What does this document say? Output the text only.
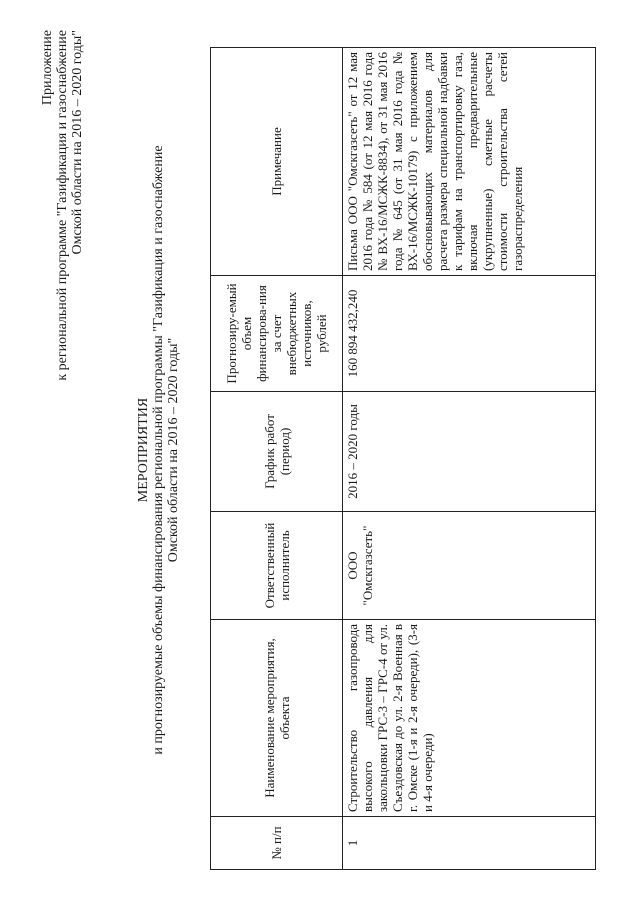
Приложение к региональной программе "Газификация и газоснабжение Омской области на 2016 – 2020 годы"
МЕРОПРИЯТИЯ и прогнозируемые объемы финансирования региональной программы "Газификация и газоснабжение Омской области на 2016 – 2020 годы"
№ п/п	Наименование мероприятия, объекта	Ответственный исполнитель	График работ (период)	Прогнозиру-емый объем финансирова-ния за счет внебюджетных источников, рублей	Примечание
1	Строительство газопровода высокого давления для закольцовки ГРС-3 – ГРС-4 от ул. Съездовская до ул. 2-я Военная в г. Омске (1-я и 2-я очереди), (3-я и 4-я очереди)	ООО "Омскгазсеть"	2016 – 2020 годы	160 894 432,240	Письма ООО "Омскгазсеть" от 12 мая 2016 года № 584 (от 12 мая 2016 года № ВХ-16/МСЖК-8834), от 31 мая 2016 года № 645 (от 31 мая 2016 года № ВХ-16/МСЖК-10179) с приложением обосновывающих материалов для расчета размера специальной надбавки к тарифам на транспортировку газа, включая предварительные (укрупненные) сметные расчеты стоимости строительства сетей газораспределения
